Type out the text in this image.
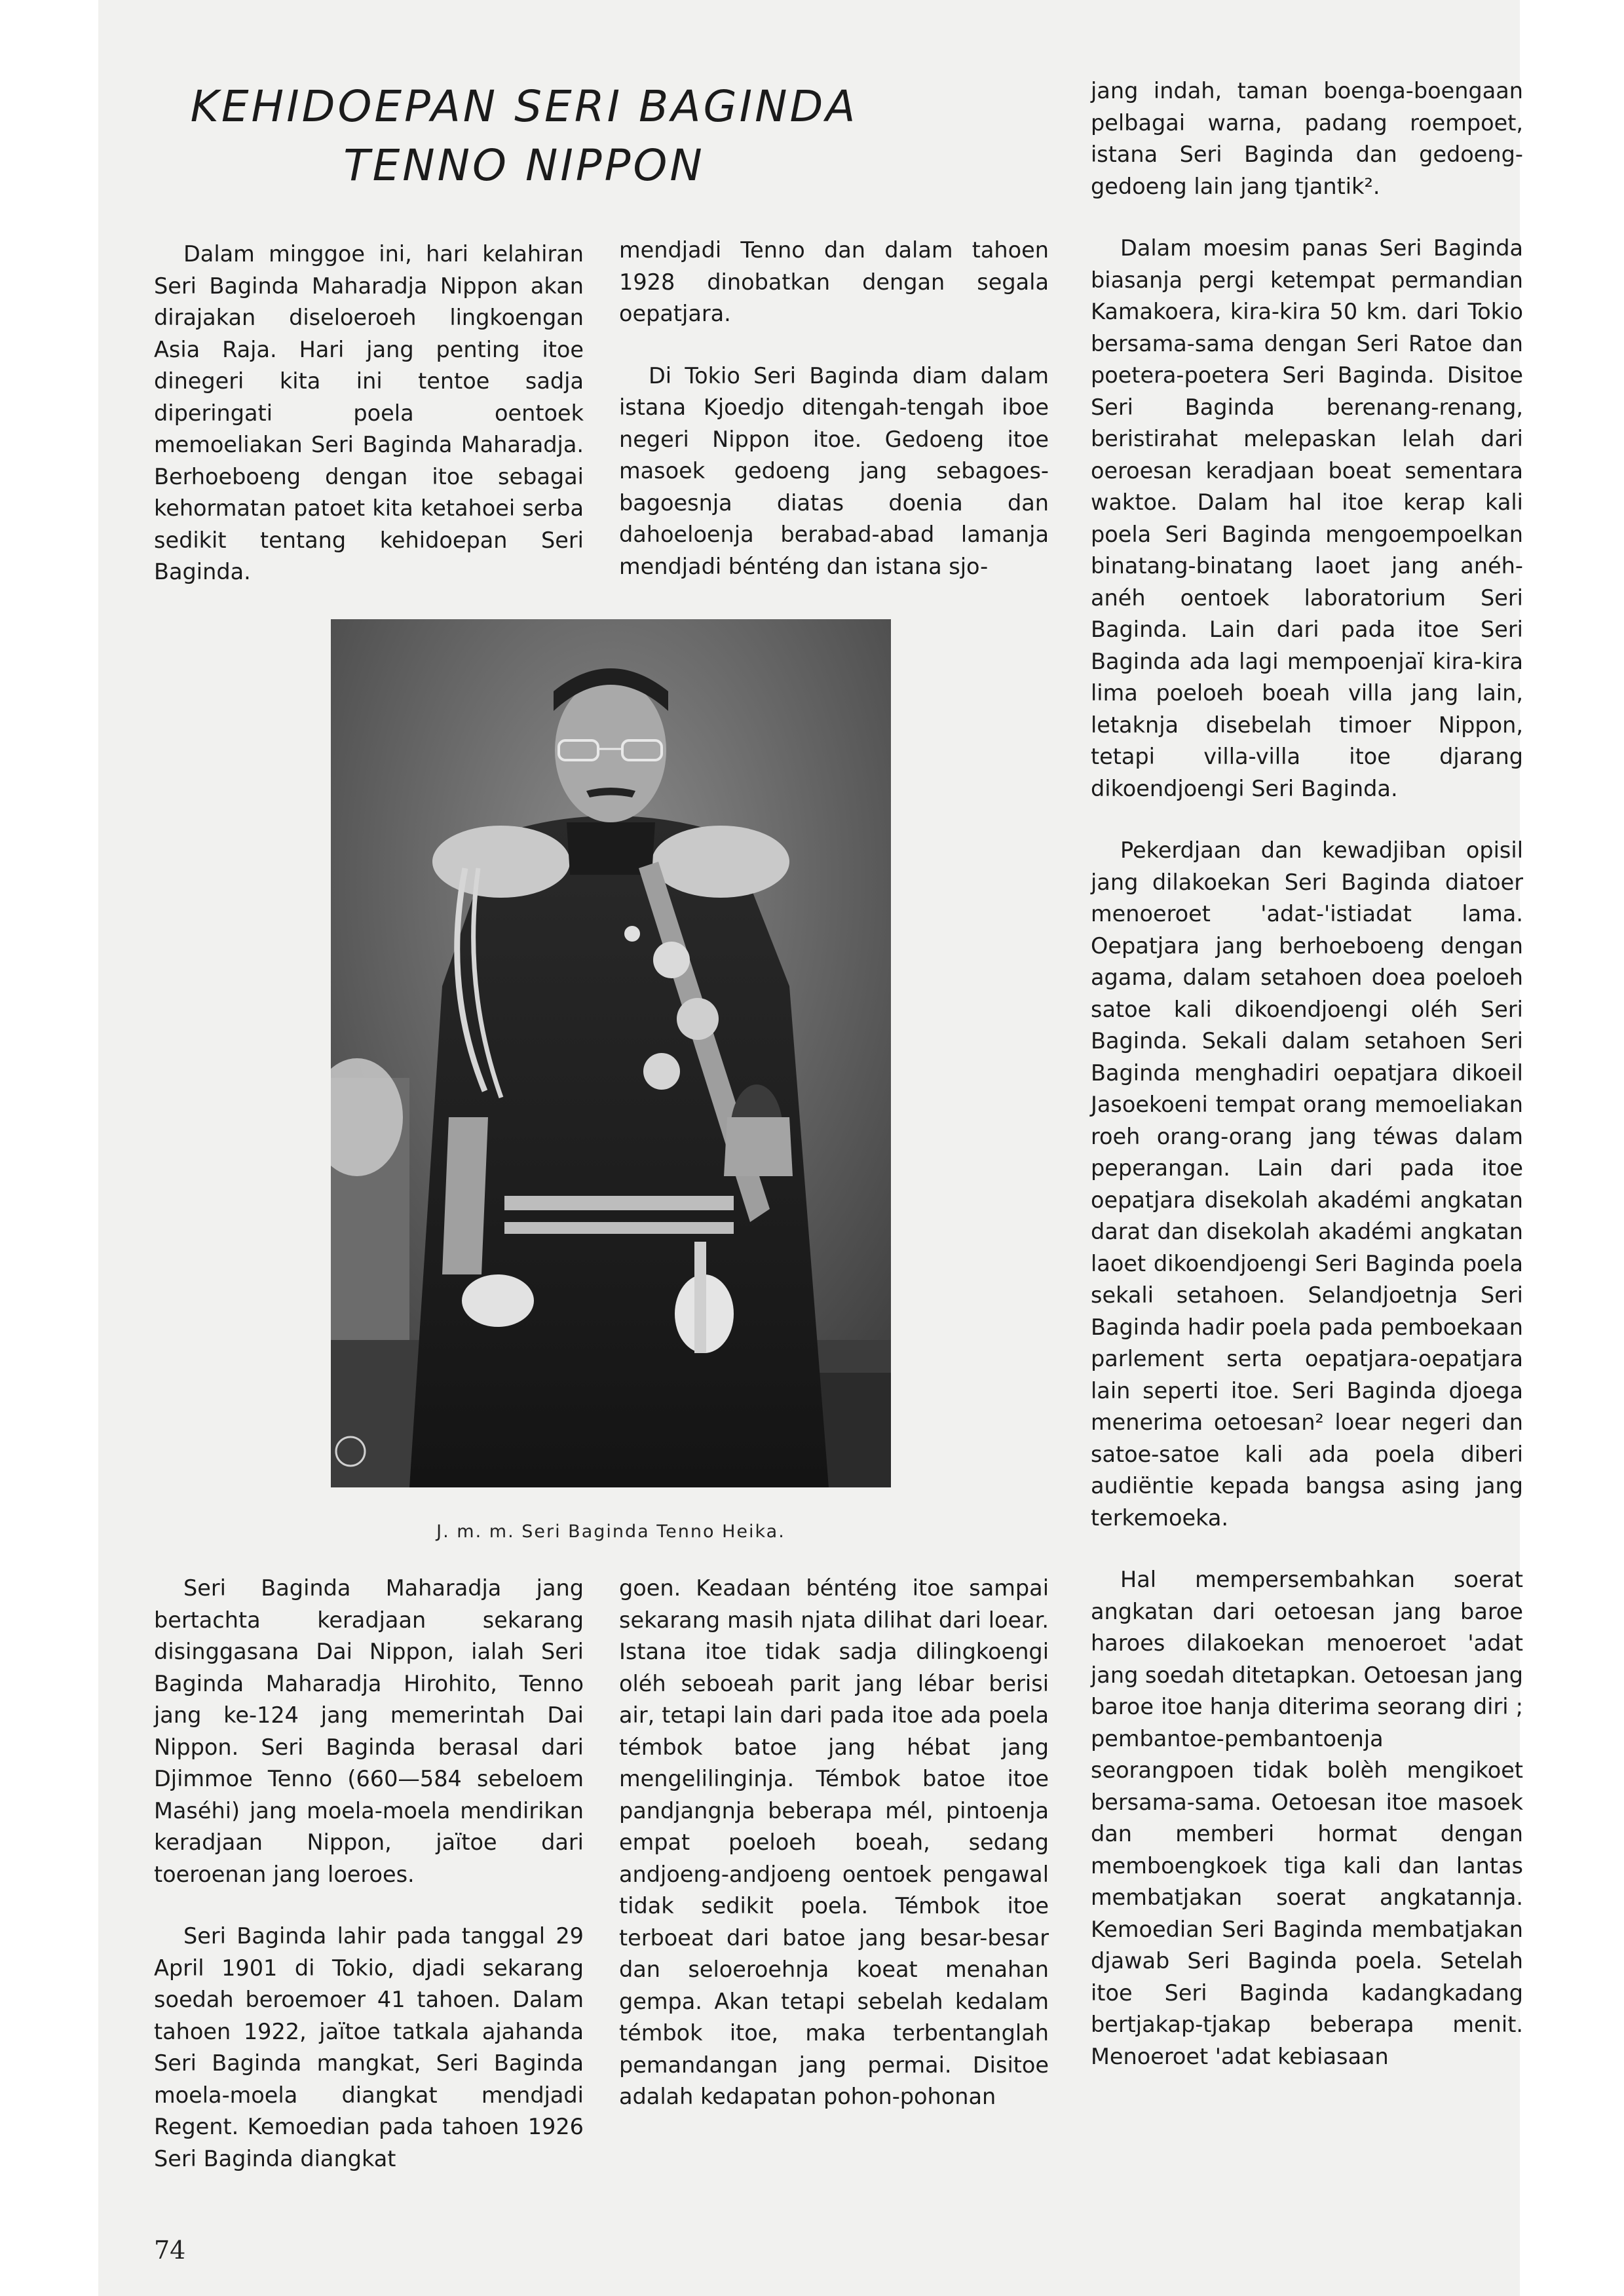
KEHIDOEPAN SERI BAGINDA
TENNO NIPPON

Dalam minggoe ini, hari kelahiran Seri Baginda Maharadja Nippon akan dirajakan diseloeroeh lingkoengan Asia Raja. Hari jang penting itoe dinegeri kita ini tentoe sadja diperingati poela oentoek memoeliakan Seri Baginda Maharadja. Berhoeboeng dengan itoe sebagai kehormatan patoet kita ketahoei serba sedikit tentang kehidoepan Seri Baginda.

mendjadi Tenno dan dalam tahoen 1928 dinobatkan dengan segala oepatjara.

Di Tokio Seri Baginda diam dalam istana Kjoedjo ditengah-tengah iboe negeri Nippon itoe. Gedoeng itoe masoek gedoeng jang sebagoes-bagoesnja diatas doenia dan dahoeloenja berabad-abad lamanja mendjadi bénténg dan istana sjo-

jang indah, taman boenga-boengaan pelbagai warna, padang roempoet, istana Seri Baginda dan gedoeng-gedoeng lain jang tjantik².

Dalam moesim panas Seri Baginda biasanja pergi ketempat permandian Kamakoera, kira-kira 50 km. dari Tokio bersama-sama dengan Seri Ratoe dan poetera-poetera Seri Baginda. Disitoe Seri Baginda berenang-renang, beristirahat melepaskan lelah dari oeroesan keradjaan boeat sementara waktoe. Dalam hal itoe kerap kali poela Seri Baginda mengoempoelkan binatang-binatang laoet jang anéh-anéh oentoek laboratorium Seri Baginda. Lain dari pada itoe Seri Baginda ada lagi mempoenjaï kira-kira lima poeloeh boeah villa jang lain, letaknja disebelah timoer Nippon, tetapi villa-villa itoe djarang dikoendjoengi Seri Baginda.

Pekerdjaan dan kewadjiban opisil jang dilakoekan Seri Baginda diatoer menoeroet 'adat-'istiadat lama. Oepatjara jang berhoeboeng dengan agama, dalam setahoen doea poeloeh satoe kali dikoendjoengi oléh Seri Baginda. Sekali dalam setahoen Seri Baginda menghadiri oepatjara dikoeil Jasoekoeni tempat orang memoeliakan roeh orang-orang jang téwas dalam peperangan. Lain dari pada itoe oepatjara disekolah akadémi angkatan darat dan disekolah akadémi angkatan laoet dikoendjoengi Seri Baginda poela sekali setahoen. Selandjoetnja Seri Baginda hadir poela pada pemboekaan parlement serta oepatjara-oepatjara lain seperti itoe. Seri Baginda djoega menerima oetoesan² loear negeri dan satoe-satoe kali ada poela diberi audiëntie kepada bangsa asing jang terkemoeka.

Hal mempersembahkan soerat angkatan dari oetoesan jang baroe haroes dilakoekan menoeroet 'adat jang soedah ditetapkan. Oetoesan jang baroe itoe hanja diterima seorang diri ; pembantoe-pembantoenja seorangpoen tidak bolèh mengikoet bersama-sama. Oetoesan itoe masoek dan memberi hormat dengan memboengkoek tiga kali dan lantas membatjakan soerat angkatannja. Kemoedian Seri Baginda membatjakan djawab Seri Baginda poela. Setelah itoe Seri Baginda kadangkadang bertjakap-tjakap beberapa menit. Menoeroet 'adat kebiasaan

J. m. m. Seri Baginda Tenno Heika.

Seri Baginda Maharadja jang bertachta keradjaan sekarang disinggasana Dai Nippon, ialah Seri Baginda Maharadja Hirohito, Tenno jang ke-124 jang memerintah Dai Nippon. Seri Baginda berasal dari Djimmoe Tenno (660—584 sebeloem Maséhi) jang moela-moela mendirikan keradjaan Nippon, jaïtoe dari toeroenan jang loeroes.

Seri Baginda lahir pada tanggal 29 April 1901 di Tokio, djadi sekarang soedah beroemoer 41 tahoen. Dalam tahoen 1922, jaïtoe tatkala ajahanda Seri Baginda mangkat, Seri Baginda moela-moela diangkat mendjadi Regent. Kemoedian pada tahoen 1926 Seri Baginda diangkat

goen. Keadaan bénténg itoe sampai sekarang masih njata dilihat dari loear. Istana itoe tidak sadja dilingkoengi oléh seboeah parit jang lébar berisi air, tetapi lain dari pada itoe ada poela témbok batoe jang hébat jang mengelilinginja. Témbok batoe itoe pandjangnja beberapa mél, pintoenja empat poeloeh boeah, sedang andjoeng-andjoeng oentoek pengawal tidak sedikit poela. Témbok itoe terboeat dari batoe jang besar-besar dan seloeroehnja koeat menahan gempa. Akan tetapi sebelah kedalam témbok itoe, maka terbentanglah pemandangan jang permai. Disitoe adalah kedapatan pohon-pohonan

74
